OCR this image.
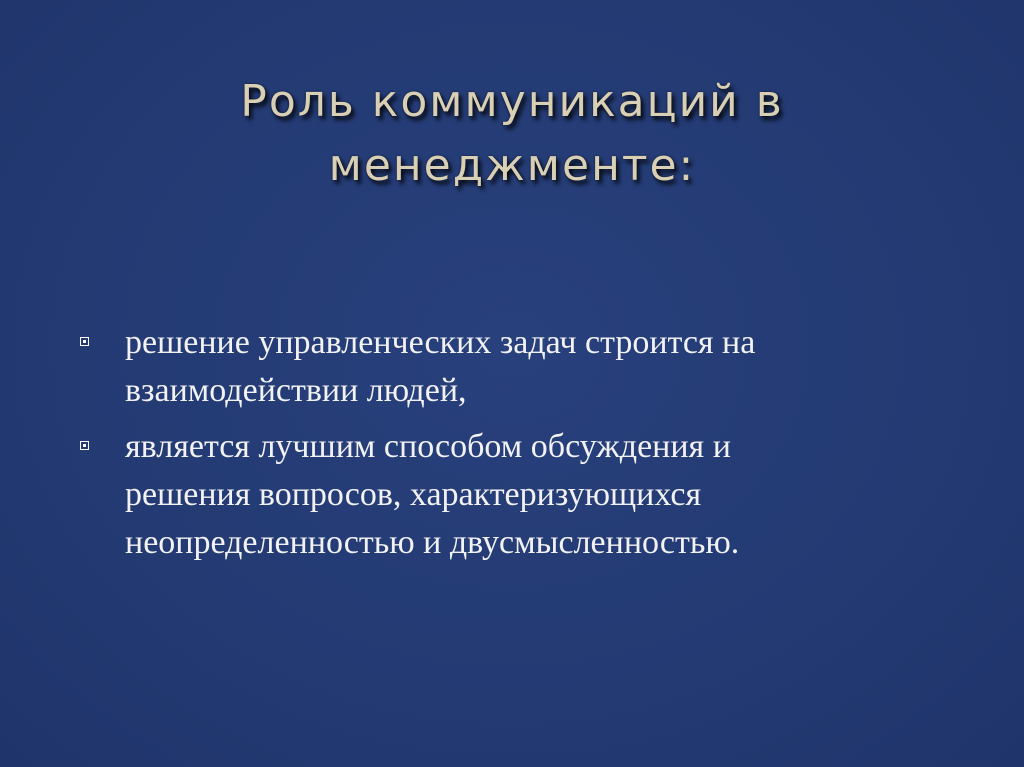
Роль коммуникаций в
менеджменте:
решение управленческих задач строится на
взаимодействии людей,
является лучшим способом обсуждения и
решения вопросов, характеризующихся
неопределенностью и двусмысленностью.
